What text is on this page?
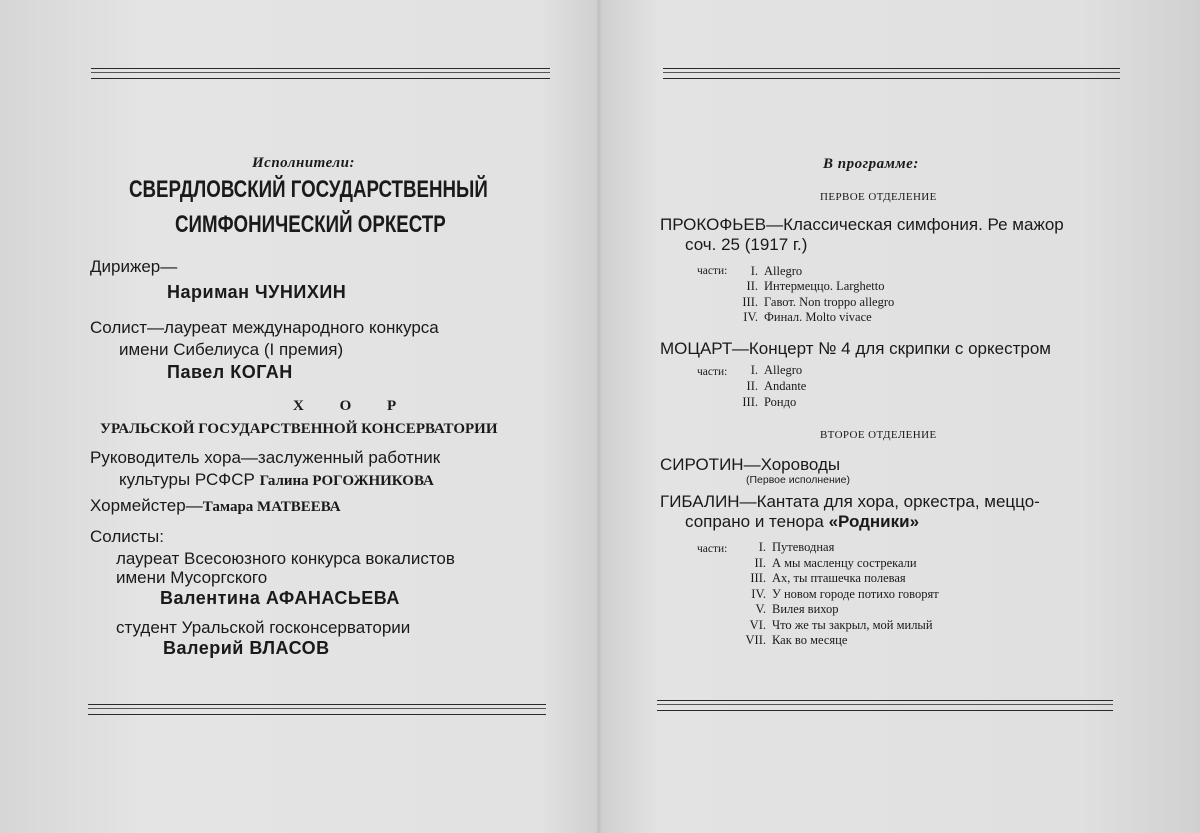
Исполнители:
СВЕРДЛОВСКИЙ ГОСУДАРСТВЕННЫЙ
СИМФОНИЧЕСКИЙ ОРКЕСТР
Дирижер—
Нариман ЧУНИХИН
Солист—лауреат международного конкурса
имени Сибелиуса (I премия)
Павел КОГАН
Х О Р
УРАЛЬСКОЙ ГОСУДАРСТВЕННОЙ КОНСЕРВАТОРИИ
Руководитель хора—заслуженный работник
культуры РСФСР Галина РОГОЖНИКОВА
Хормейстер—Тамара МАТВЕЕВА
Солисты:
лауреат Всесоюзного конкурса вокалистов
имени Мусоргского
Валентина АФАНАСЬЕВА
студент Уральской госконсерватории
Валерий ВЛАСОВ
В программе:
ПЕРВОЕ ОТДЕЛЕНИЕ
ПРОКОФЬЕВ—Классическая симфония. Ре мажор
соч. 25 (1917 г.)
части:	I. Allegro
II. Интермеццо. Larghetto
III. Гавот. Non troppo allegro
IV. Финал. Molto vivace
МОЦАРТ—Концерт № 4 для скрипки с оркестром
части:	I. Allegro
II. Andante
III. Рондо
ВТОРОЕ ОТДЕЛЕНИЕ
СИРОТИН—Хороводы
(Первое исполнение)
ГИБАЛИН—Кантата для хора, оркестра, меццо-
сопрано и тенора «Родники»
части:	I. Путеводная
II. А мы масленцу сострекали
III. Ах, ты пташечка полевая
IV. У новом городе потихо говорят
V. Вилея вихор
VI. Что же ты закрыл, мой милый
VII. Как во месяце
